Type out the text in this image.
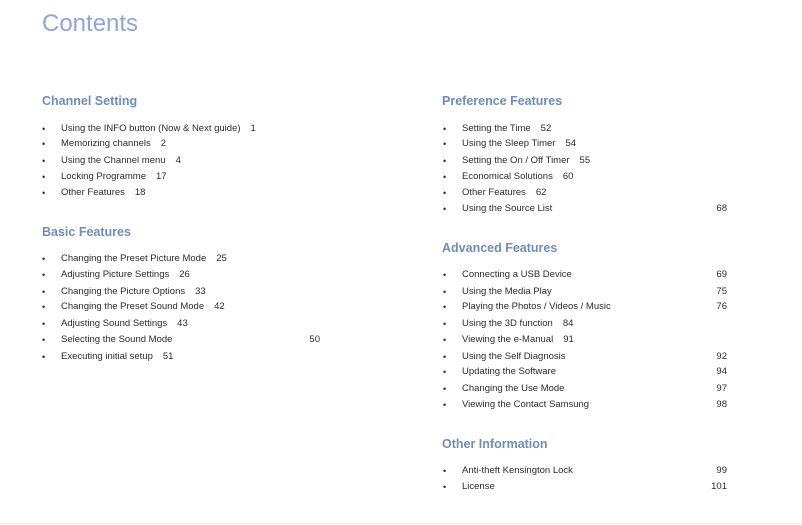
Contents
Channel Setting
•	Using the INFO button (Now & Next guide) 1
•	Memorizing channels 2
•	Using the Channel menu 4
•	Locking Programme 17
•	Other Features 18
Basic Features
•	Changing the Preset Picture Mode 25
•	Adjusting Picture Settings 26
•	Changing the Picture Options 33
•	Changing the Preset Sound Mode 42
•	Adjusting Sound Settings 43
•	Selecting the Sound Mode	50
•	Executing initial setup 51
Preference Features
•	Setting the Time 52
•	Using the Sleep Timer 54
•	Setting the On / Off Timer 55
•	Economical Solutions 60
•	Other Features 62
•	Using the Source List	68
Advanced Features
•	Connecting a USB Device	69
•	Using the Media Play	75
•	Playing the Photos / Videos / Music	76
•	Using the 3D function 84
•	Viewing the e-Manual 91
•	Using the Self Diagnosis	92
•	Updating the Software	94
•	Changing the Use Mode	97
•	Viewing the Contact Samsung	98
Other Information
•	Anti-theft Kensington Lock	99
•	License	101
